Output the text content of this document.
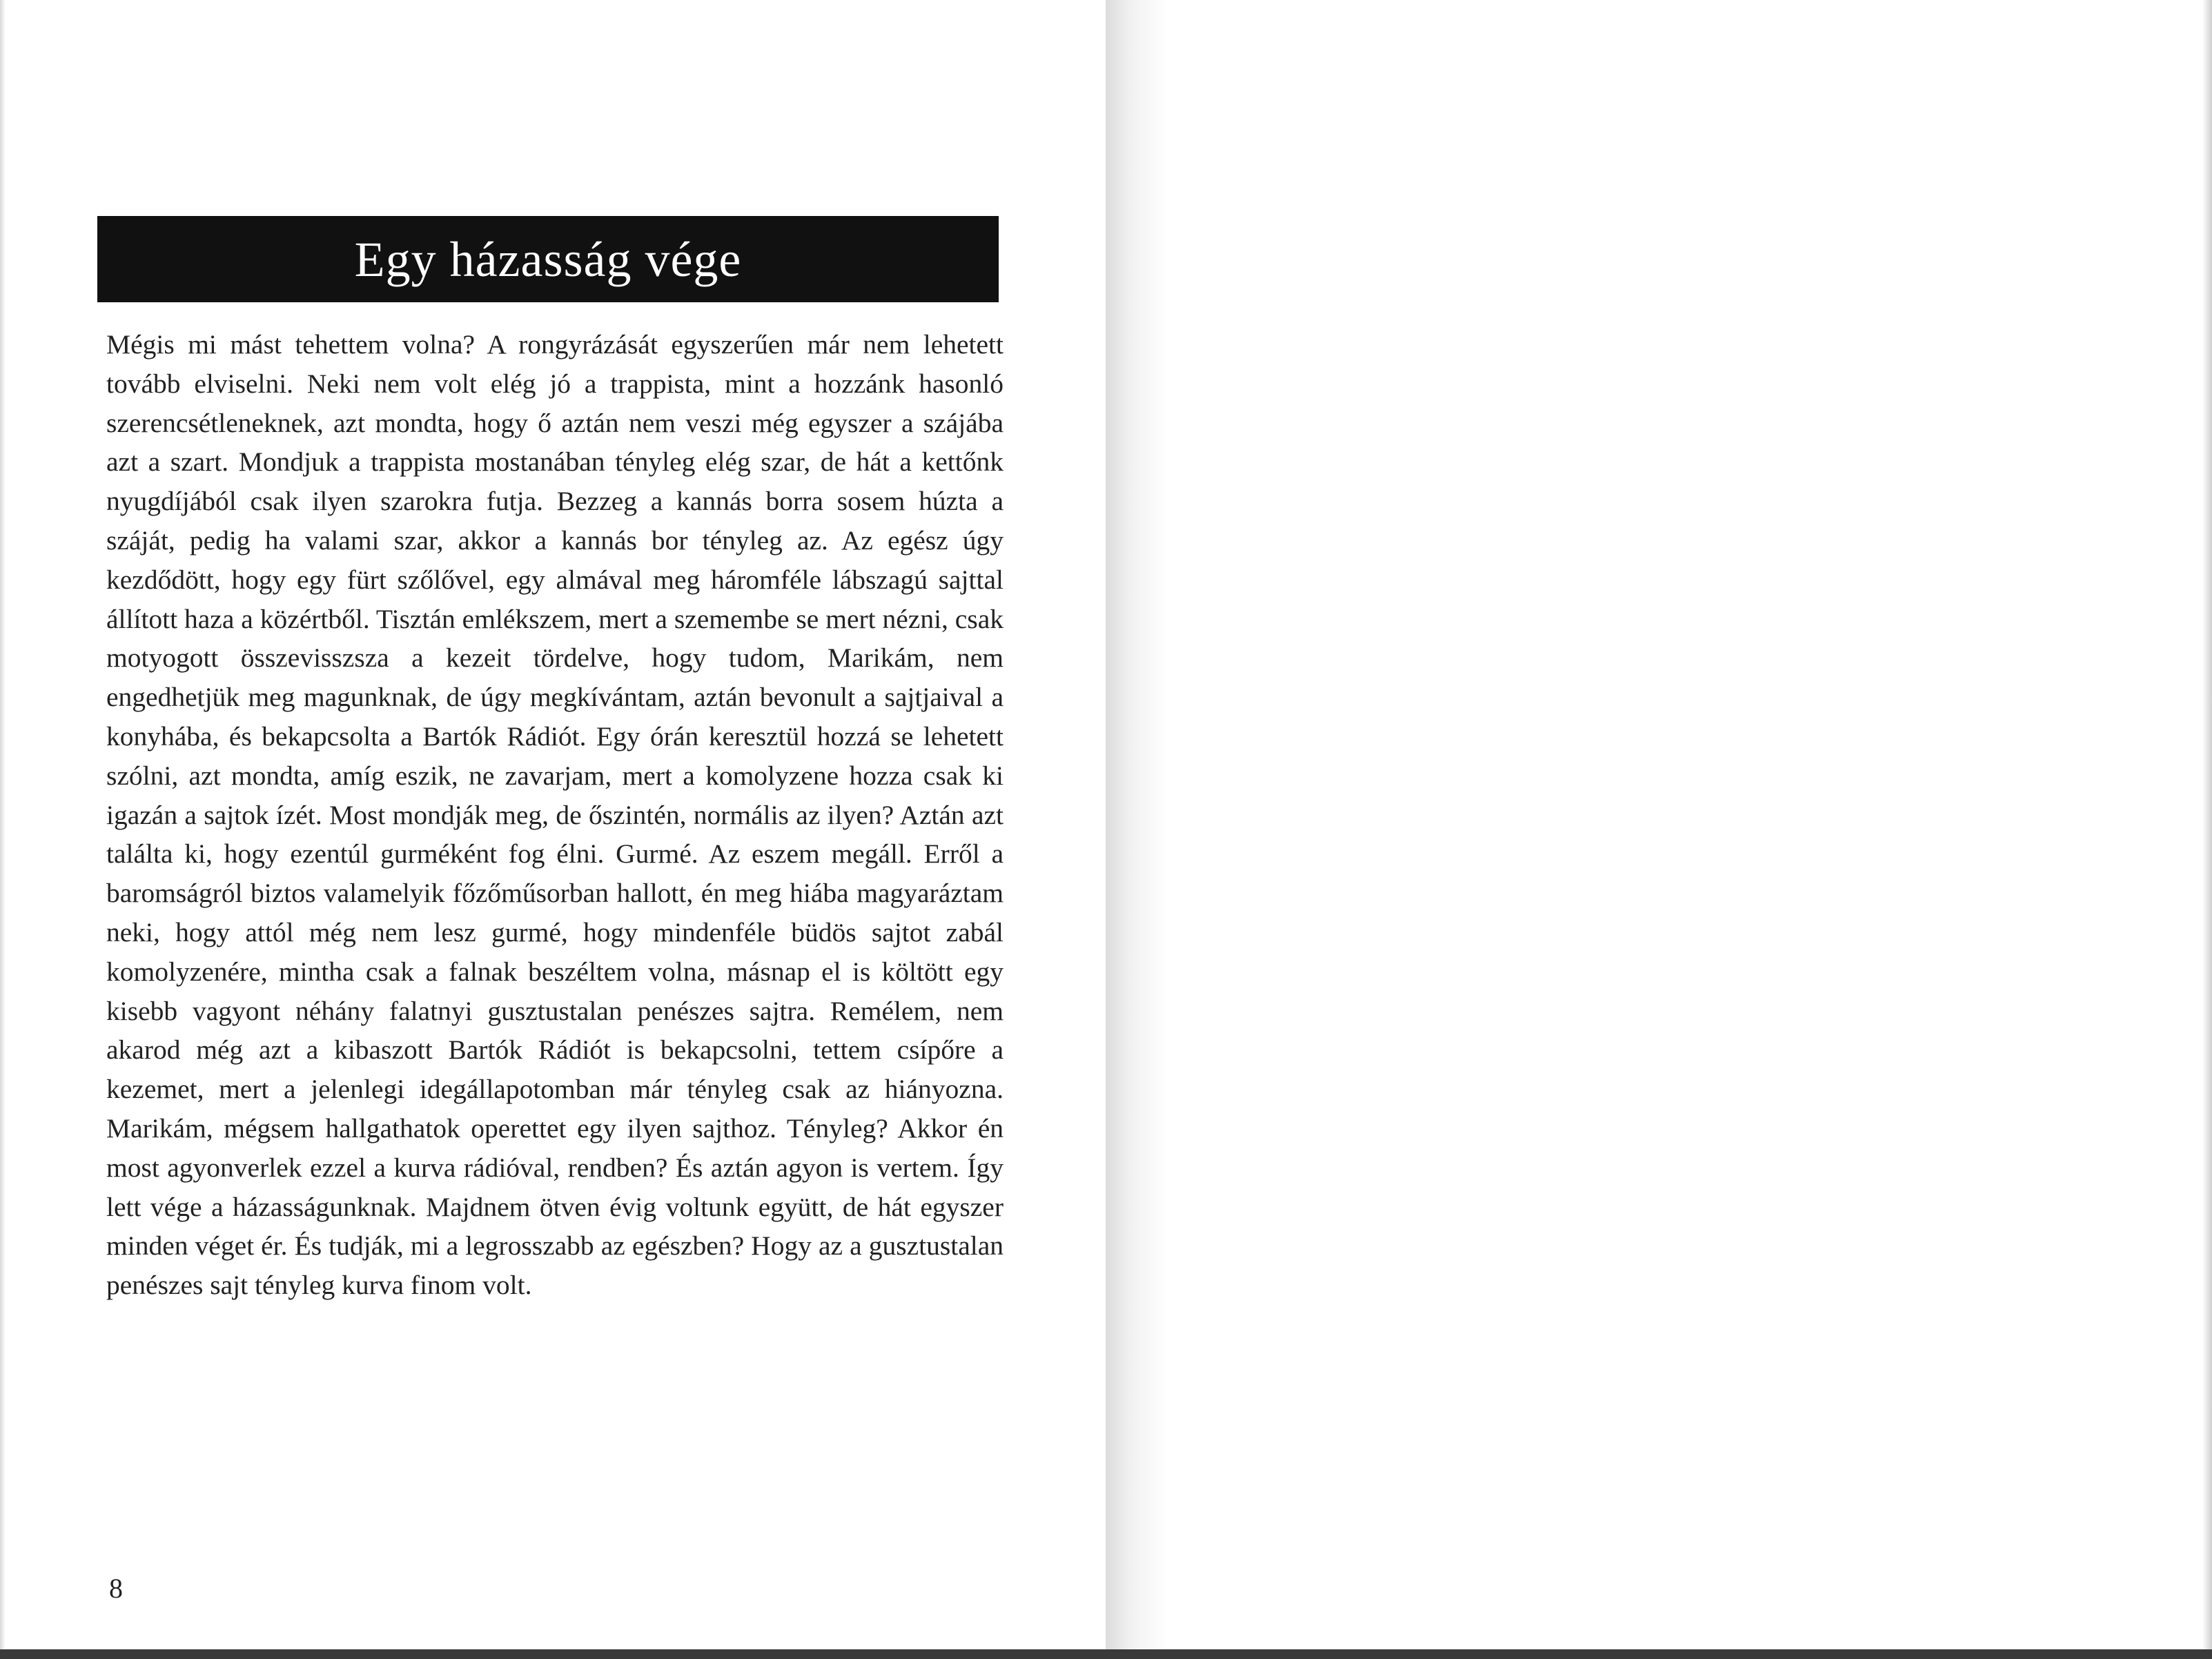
Egy házasság vége

Mégis mi mást tehettem volna? A rongyrázását egyszerűen már nem lehetett tovább elviselni. Neki nem volt elég jó a trappista, mint a hozzánk hasonló szerencsétleneknek, azt mondta, hogy ő aztán nem veszi még egyszer a szájába azt a szart. Mondjuk a trappista mostanában tényleg elég szar, de hát a kettőnk nyugdíjából csak ilyen szarokra futja. Bezzeg a kannás borra sosem húzta a száját, pedig ha valami szar, akkor a kannás bor tényleg az. Az egész úgy kezdődött, hogy egy fürt szőlővel, egy almával meg háromféle lábszagú sajttal állított haza a közértből. Tisztán emlékszem, mert a szemembe se mert nézni, csak motyogott összevisszsza a kezeit tördelve, hogy tudom, Marikám, nem engedhetjük meg magunknak, de úgy megkívántam, aztán bevonult a sajtjaival a konyhába, és bekapcsolta a Bartók Rádiót. Egy órán keresztül hozzá se lehetett szólni, azt mondta, amíg eszik, ne zavarjam, mert a komolyzene hozza csak ki igazán a sajtok ízét. Most mondják meg, de őszintén, normális az ilyen? Aztán azt találta ki, hogy ezentúl gurméként fog élni. Gurmé. Az eszem megáll. Erről a baromságról biztos valamelyik főzőműsorban hallott, én meg hiába magyaráztam neki, hogy attól még nem lesz gurmé, hogy mindenféle büdös sajtot zabál komolyzenére, mintha csak a falnak beszéltem volna, másnap el is költött egy kisebb vagyont néhány falatnyi gusztustalan penészes sajtra. Remélem, nem akarod még azt a kibaszott Bartók Rádiót is bekapcsolni, tettem csípőre a kezemet, mert a jelenlegi idegállapotomban már tényleg csak az hiányozna. Marikám, mégsem hallgathatok operettet egy ilyen sajthoz. Tényleg? Akkor én most agyonverlek ezzel a kurva rádióval, rendben? És aztán agyon is vertem. Így lett vége a házasságunknak. Majdnem ötven évig voltunk együtt, de hát egyszer minden véget ér. És tudják, mi a legrosszabb az egészben? Hogy az a gusztustalan penészes sajt tényleg kurva finom volt.

8
